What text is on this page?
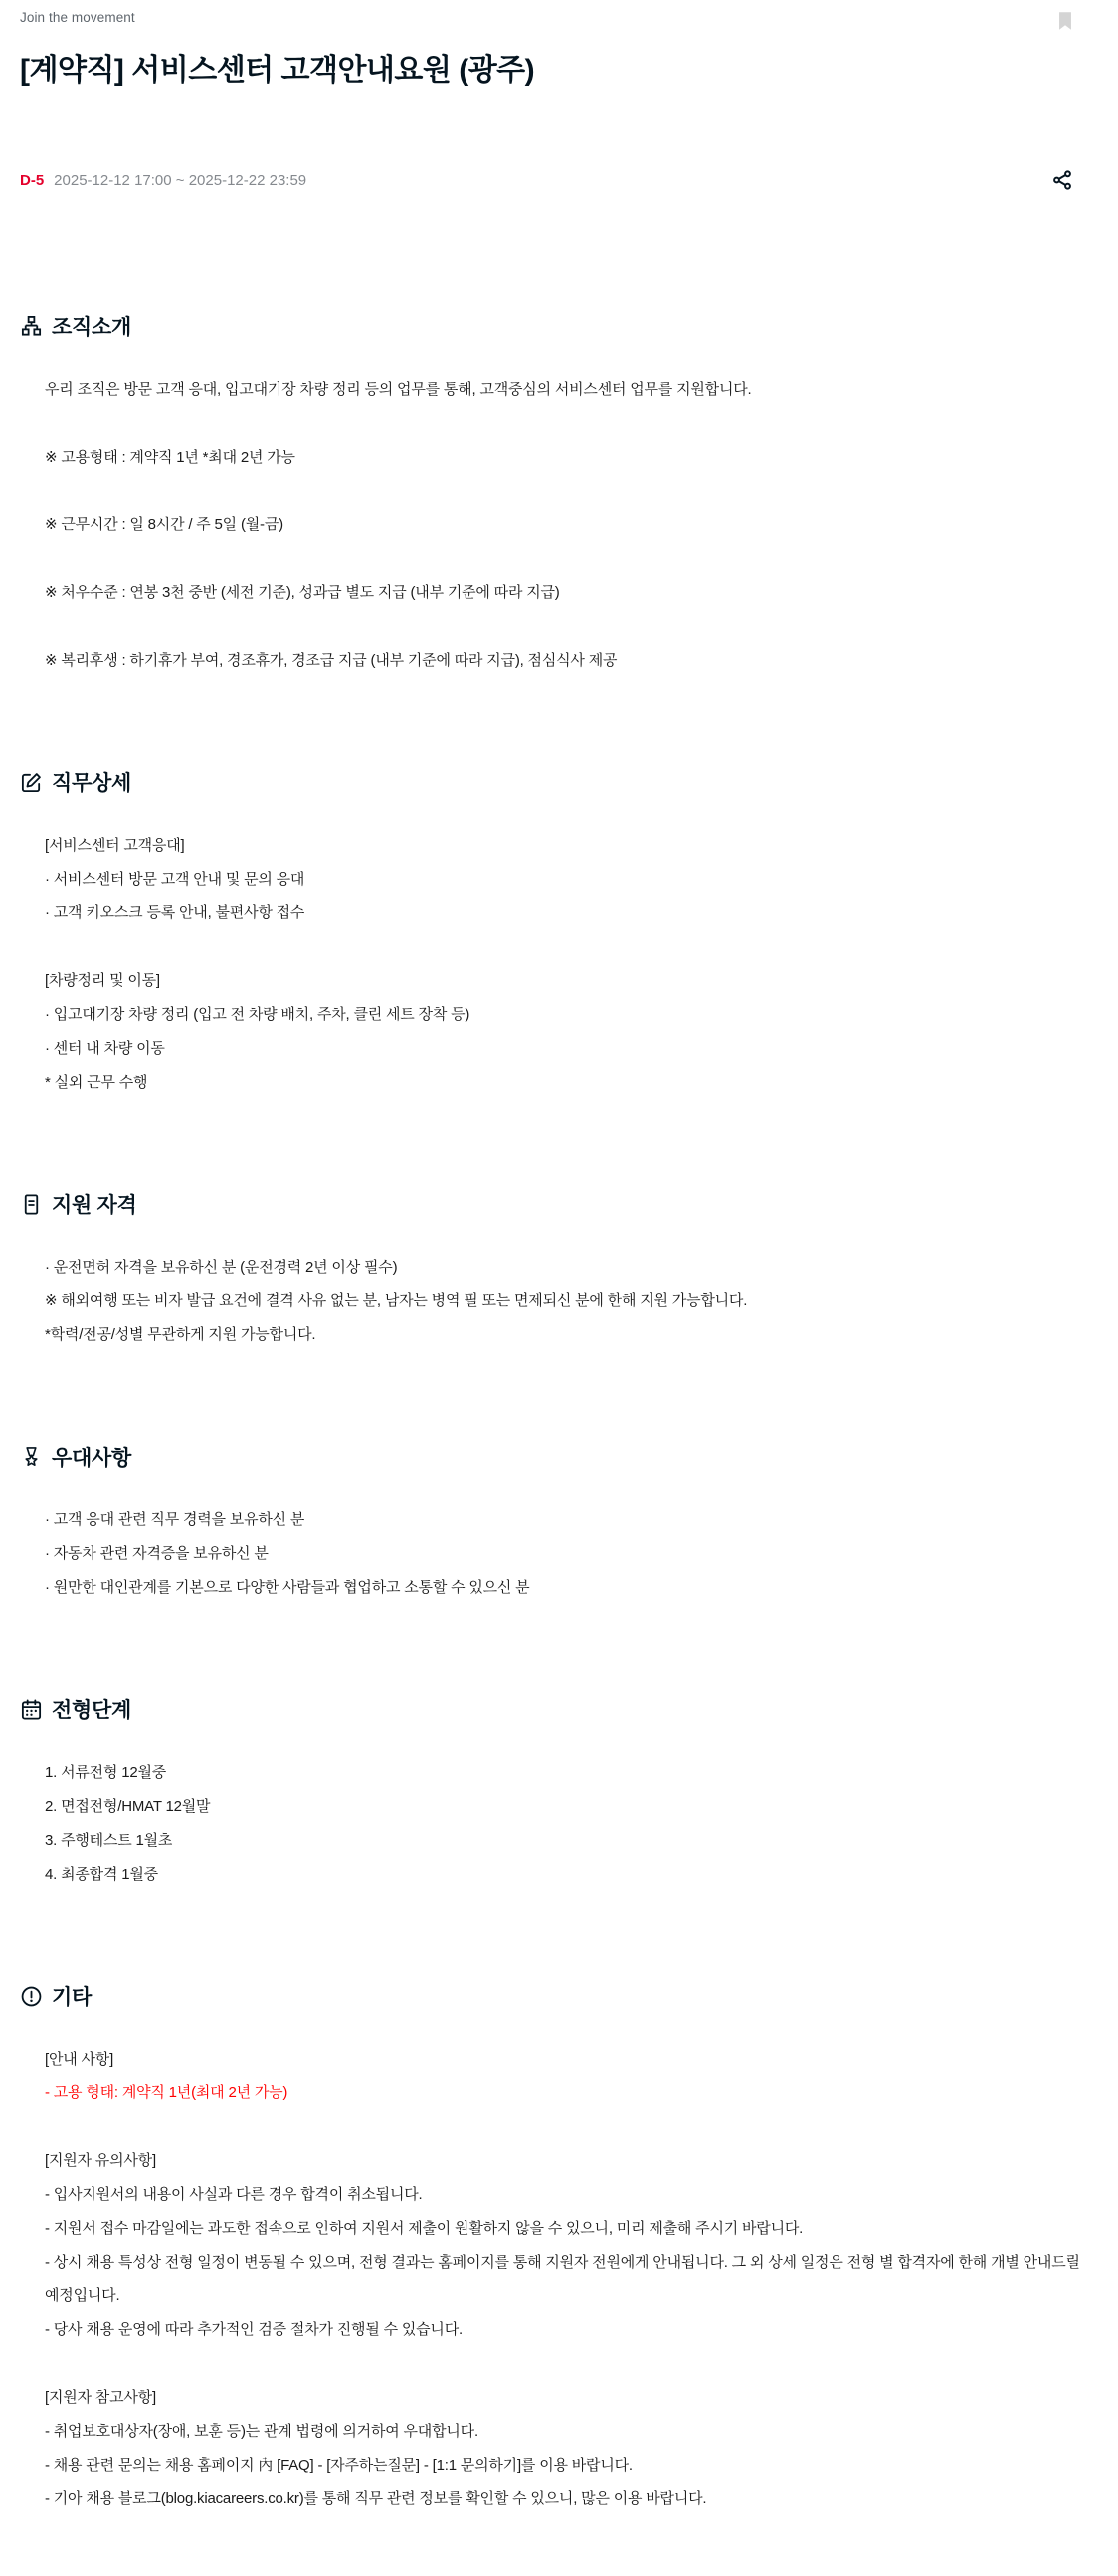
Join the movement
[계약직] 서비스센터 고객안내요원 (광주)
D-5 2025-12-12 17:00 ~ 2025-12-22 23:59
조직소개
우리 조직은 방문 고객 응대, 입고대기장 차량 정리 등의 업무를 통해, 고객중심의 서비스센터 업무를 지원합니다.
※ 고용형태 : 계약직 1년 *최대 2년 가능
※ 근무시간 : 일 8시간 / 주 5일 (월-금)
※ 처우수준 : 연봉 3천 중반 (세전 기준), 성과급 별도 지급 (내부 기준에 따라 지급)
※ 복리후생 : 하기휴가 부여, 경조휴가, 경조급 지급 (내부 기준에 따라 지급), 점심식사 제공
직무상세
[서비스센터 고객응대]
· 서비스센터 방문 고객 안내 및 문의 응대
· 고객 키오스크 등록 안내, 불편사항 접수
[차량정리 및 이동]
· 입고대기장 차량 정리 (입고 전 차량 배치, 주차, 클린 세트 장착 등)
· 센터 내 차량 이동
* 실외 근무 수행
지원 자격
· 운전면허 자격을 보유하신 분 (운전경력 2년 이상 필수)
※ 해외여행 또는 비자 발급 요건에 결격 사유 없는 분, 남자는 병역 필 또는 면제되신 분에 한해 지원 가능합니다.
*학력/전공/성별 무관하게 지원 가능합니다.
우대사항
· 고객 응대 관련 직무 경력을 보유하신 분
· 자동차 관련 자격증을 보유하신 분
· 원만한 대인관계를 기본으로 다양한 사람들과 협업하고 소통할 수 있으신 분
전형단계
1. 서류전형 12월중
2. 면접전형/HMAT 12월말
3. 주행테스트 1월초
4. 최종합격 1월중
기타
[안내 사항]
- 고용 형태: 계약직 1년(최대 2년 가능)
[지원자 유의사항]
- 입사지원서의 내용이 사실과 다른 경우 합격이 취소됩니다.
- 지원서 접수 마감일에는 과도한 접속으로 인하여 지원서 제출이 원활하지 않을 수 있으니, 미리 제출해 주시기 바랍니다.
- 상시 채용 특성상 전형 일정이 변동될 수 있으며, 전형 결과는 홈페이지를 통해 지원자 전원에게 안내됩니다. 그 외 상세 일정은 전형 별 합격자에 한해 개별 안내드릴 예정입니다.
- 당사 채용 운영에 따라 추가적인 검증 절차가 진행될 수 있습니다.
[지원자 참고사항]
- 취업보호대상자(장애, 보훈 등)는 관계 법령에 의거하여 우대합니다.
- 채용 관련 문의는 채용 홈페이지 內 [FAQ] - [자주하는질문] - [1:1 문의하기]를 이용 바랍니다.
- 기아 채용 블로그(blog.kiacareers.co.kr)를 통해 직무 관련 정보를 확인할 수 있으니, 많은 이용 바랍니다.
